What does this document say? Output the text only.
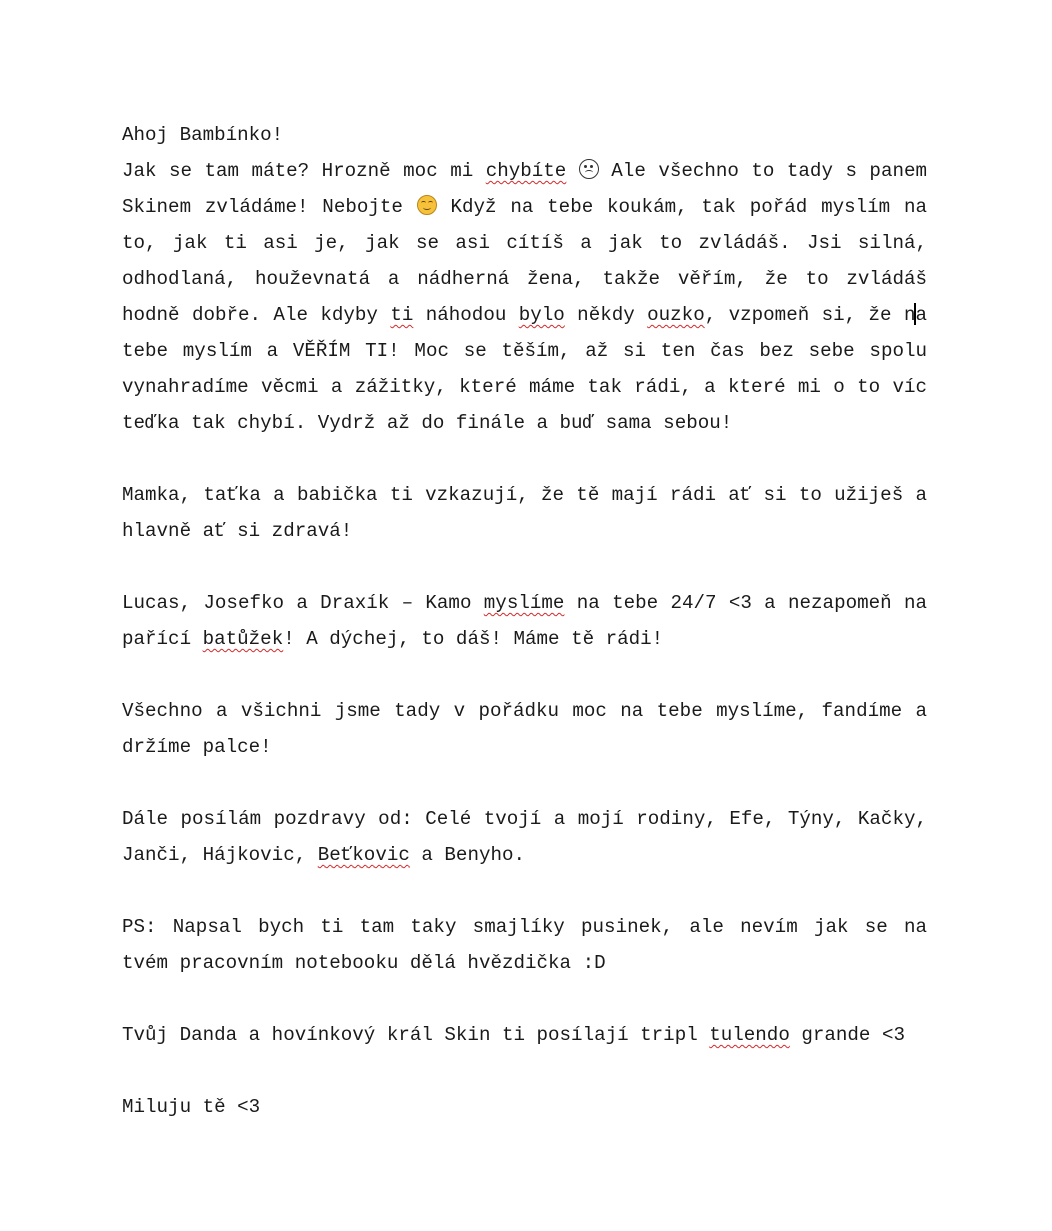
Ahoj Bambínko!

Jak se tam máte? Hrozně moc mi chybíte
Ale všechno to tady s panem Skinem zvládáme! Nebojte
Když na tebe koukám, tak pořád myslím na to, jak ti asi je, jak se asi cítíš a jak to zvládáš. Jsi silná, odhodlaná, houževnatá a nádherná žena, takže věřím, že to zvládáš hodně dobře. Ale kdyby ti náhodou bylo někdy ouzko, vzpomeň si, že na tebe myslím a VĚŘÍM TI! Moc se těším, až si ten čas bez sebe spolu vynahradíme věcmi a zážitky, které máme tak rádi, a které mi o to víc teďka tak chybí. Vydrž až do finále a buď sama sebou!

Mamka, taťka a babička ti vzkazují, že tě mají rádi ať si to užiješ a hlavně ať si zdravá!

Lucas, Josefko a Draxík – Kamo myslíme na tebe 24/7 <3 a nezapomeň na pařící batůžek! A dýchej, to dáš! Máme tě rádi!

Všechno a všichni jsme tady v pořádku moc na tebe myslíme, fandíme a držíme palce!

Dále posílám pozdravy od: Celé tvojí a mojí rodiny, Efe, Týny, Kačky, Janči, Hájkovic, Beťkovic a Benyho.

PS: Napsal bych ti tam taky smajlíky pusinek, ale nevím jak se na tvém pracovním notebooku dělá hvězdička :D

Tvůj Danda a hovínkový král Skin ti posílají tripl tulendo grande <3

Miluju tě <3
